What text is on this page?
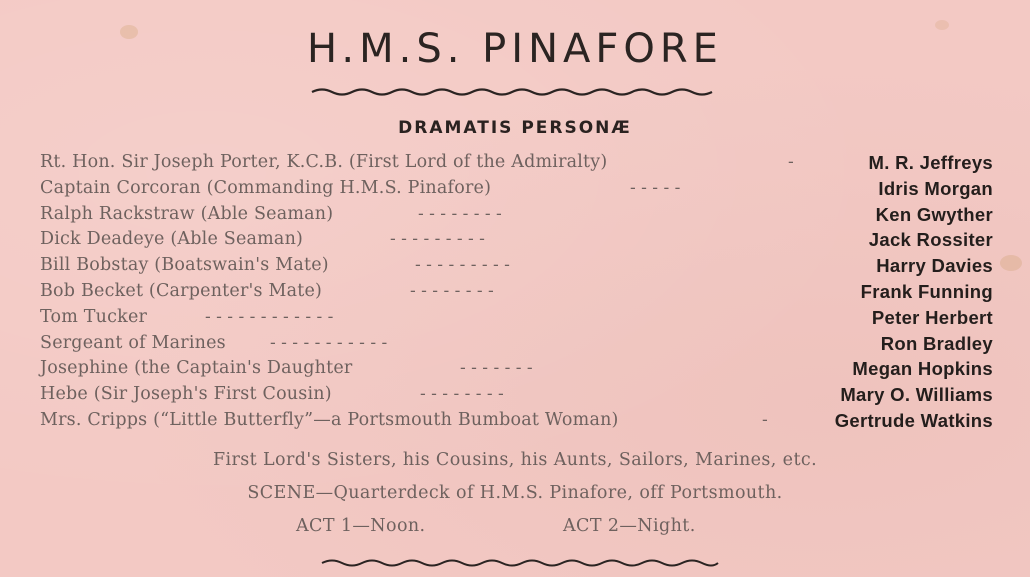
H.M.S. PINAFORE
DRAMATIS PERSONÆ
Rt. Hon. Sir Joseph Porter, K.C.B. (First Lord of the Admiralty)	-	M. R. Jeffreys
Captain Corcoran (Commanding H.M.S. Pinafore)	- - - - -	Idris Morgan
Ralph Rackstraw (Able Seaman)	- - - - - - - -	Ken Gwyther
Dick Deadeye (Able Seaman)	- - - - - - - - -	Jack Rossiter
Bill Bobstay (Boatswain's Mate)	- - - - - - - - -	Harry Davies
Bob Becket (Carpenter's Mate)	- - - - - - - -	Frank Funning
Tom Tucker	- - - - - - - - - - - -	Peter Herbert
Sergeant of Marines	- - - - - - - - - - -	Ron Bradley
Josephine (the Captain's Daughter	- - - - - - -	Megan Hopkins
Hebe (Sir Joseph's First Cousin)	- - - - - - - -	Mary O. Williams
Mrs. Cripps (“Little Butterfly”—a Portsmouth Bumboat Woman)	-	Gertrude Watkins
First Lord's Sisters, his Cousins, his Aunts, Sailors, Marines, etc.
SCENE—Quarterdeck of H.M.S. Pinafore, off Portsmouth.
ACT 1—Noon.	ACT 2—Night.
